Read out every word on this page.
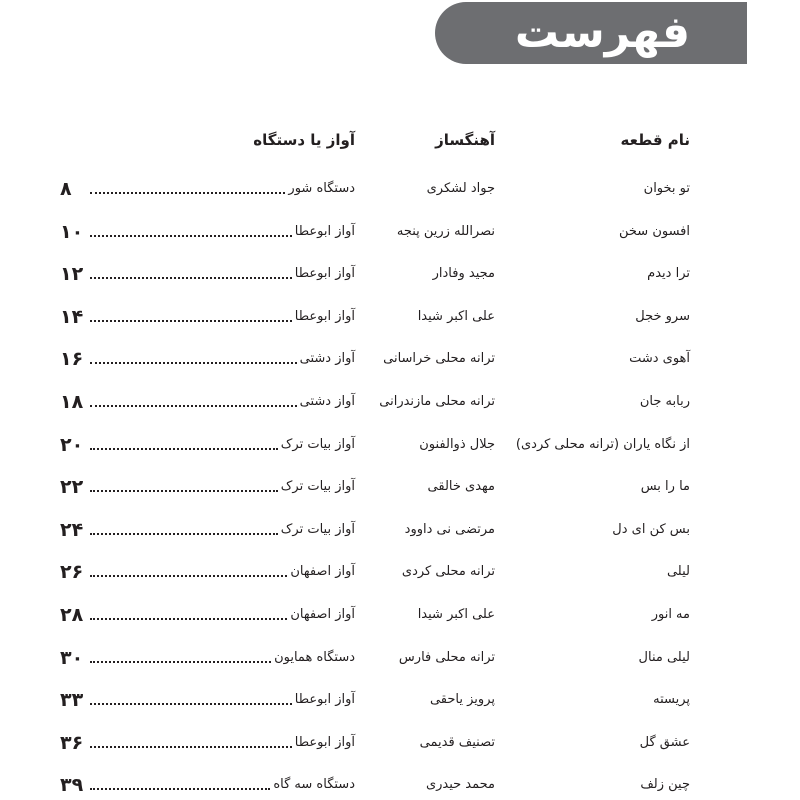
فهرست
نام قطعه
آهنگساز
آواز یا دستگاه
تو بخوان
جواد لشکری
دستگاه شور
۸
افسون سخن
نصرالله زرین پنجه
آواز ابوعطا
۱۰
ترا دیدم
مجید وفادار
آواز ابوعطا
۱۲
سرو خجل
علی اکبر شیدا
آواز ابوعطا
۱۴
آهوی دشت
ترانه محلی خراسانی
آواز دشتی
۱۶
ربابه جان
ترانه محلی مازندرانی
آواز دشتی
۱۸
از نگاه یاران (ترانه محلی کردی)
جلال ذوالفنون
آواز بیات ترک
۲۰
ما را بس
مهدی خالقی
آواز بیات ترک
۲۲
بس کن ای دل
مرتضی نی داوود
آواز بیات ترک
۲۴
لیلی
ترانه محلی کردی
آواز اصفهان
۲۶
مه انور
علی اکبر شیدا
آواز اصفهان
۲۸
لیلی منال
ترانه محلی فارس
دستگاه همایون
۳۰
پریسته
پرویز یاحقی
آواز ابوعطا
۳۳
عشق گل
تصنیف قدیمی
آواز ابوعطا
۳۶
چین زلف
محمد حیدری
دستگاه سه گاه
۳۹
